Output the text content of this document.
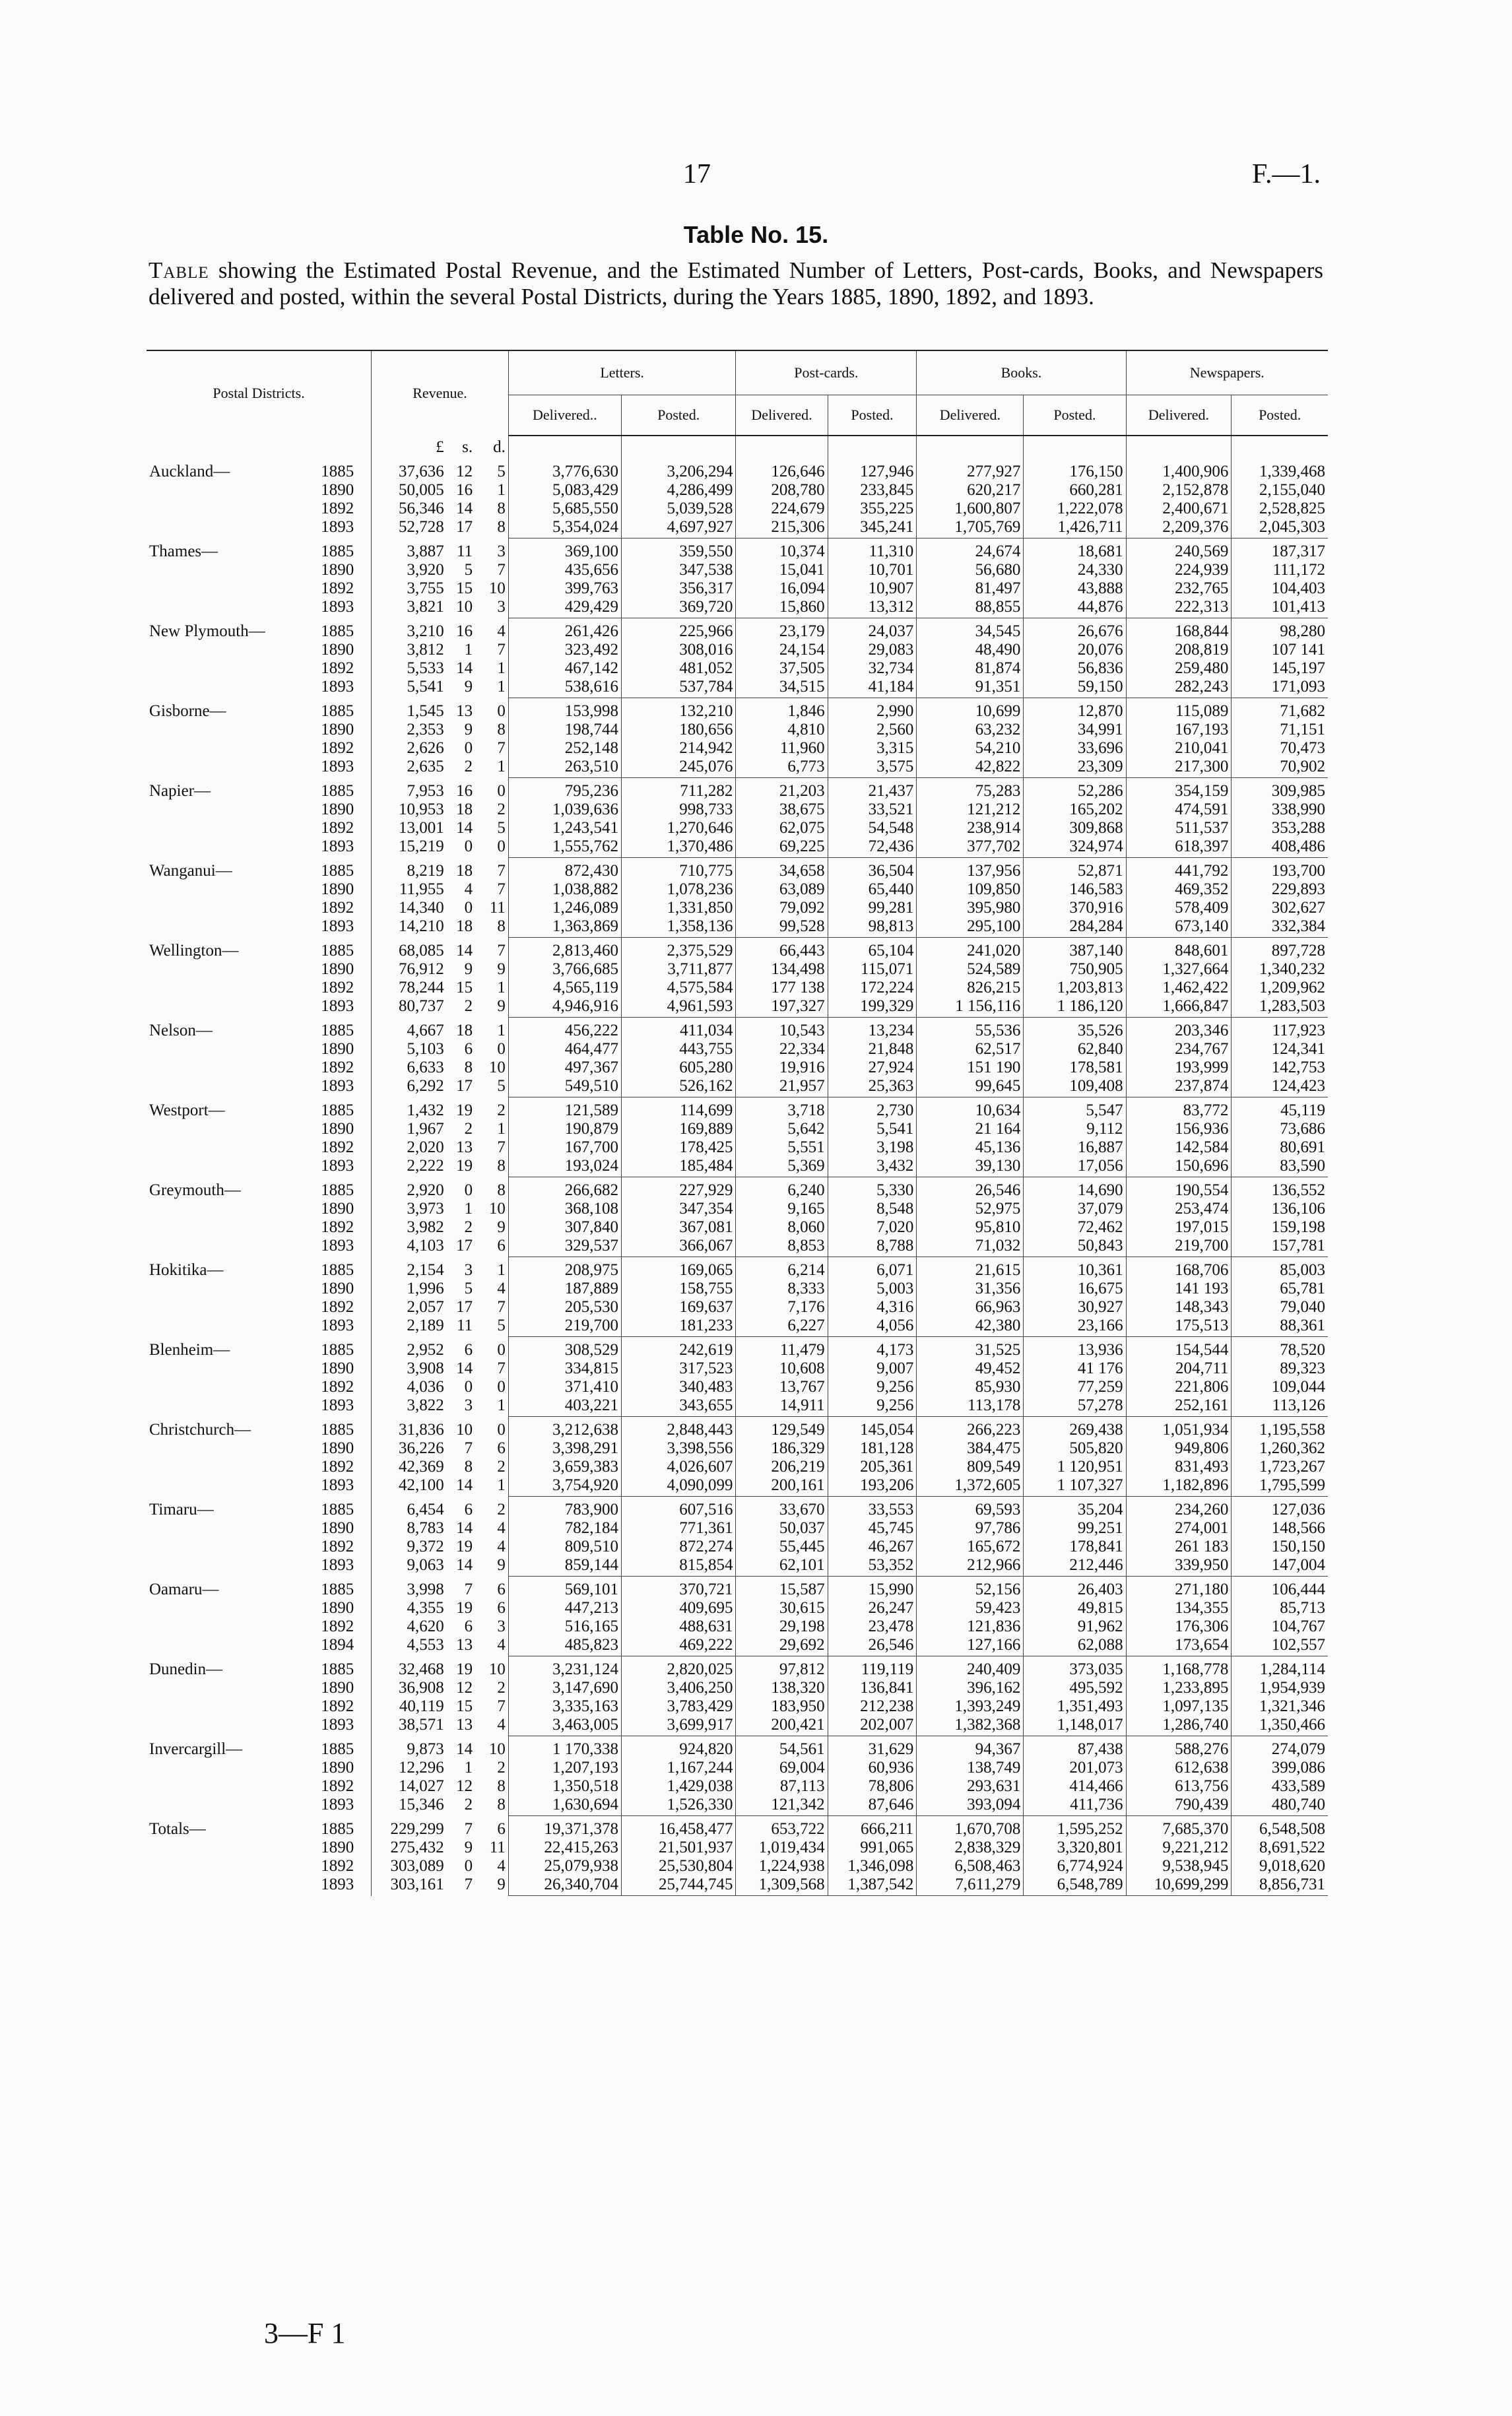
17	F.—1.
Table No. 15.
Table showing the Estimated Postal Revenue, and the Estimated Number of Letters, Post-cards, Books, and Newspapers delivered and posted, within the several Postal Districts, during the Years 1885, 1890, 1892, and 1893.
Postal Districts.		Revenue.			Letters.		Post-cards.		Books.		Newspapers.	
					Delivered..	Posted.	Delivered.	Posted.	Delivered.	Posted.	Delivered.	Posted.
		£	s.	d.								
Auckland—	1885	37,636	12	5	3,776,630	3,206,294	126,646	127,946	277,927	176,150	1,400,906	1,339,468
	1890	50,005	16	1	5,083,429	4,286,499	208,780	233,845	620,217	660,281	2,152,878	2,155,040
	1892	56,346	14	8	5,685,550	5,039,528	224,679	355,225	1,600,807	1,222,078	2,400,671	2,528,825
	1893	52,728	17	8	5,354,024	4,697,927	215,306	345,241	1,705,769	1,426,711	2,209,376	2,045,303
Thames—	1885	3,887	11	3	369,100	359,550	10,374	11,310	24,674	18,681	240,569	187,317
	1890	3,920	5	7	435,656	347,538	15,041	10,701	56,680	24,330	224,939	111,172
	1892	3,755	15	10	399,763	356,317	16,094	10,907	81,497	43,888	232,765	104,403
	1893	3,821	10	3	429,429	369,720	15,860	13,312	88,855	44,876	222,313	101,413
New Plymouth—	1885	3,210	16	4	261,426	225,966	23,179	24,037	34,545	26,676	168,844	98,280
	1890	3,812	1	7	323,492	308,016	24,154	29,083	48,490	20,076	208,819	107 141
	1892	5,533	14	1	467,142	481,052	37,505	32,734	81,874	56,836	259,480	145,197
	1893	5,541	9	1	538,616	537,784	34,515	41,184	91,351	59,150	282,243	171,093
Gisborne—	1885	1,545	13	0	153,998	132,210	1,846	2,990	10,699	12,870	115,089	71,682
	1890	2,353	9	8	198,744	180,656	4,810	2,560	63,232	34,991	167,193	71,151
	1892	2,626	0	7	252,148	214,942	11,960	3,315	54,210	33,696	210,041	70,473
	1893	2,635	2	1	263,510	245,076	6,773	3,575	42,822	23,309	217,300	70,902
Napier—	1885	7,953	16	0	795,236	711,282	21,203	21,437	75,283	52,286	354,159	309,985
	1890	10,953	18	2	1,039,636	998,733	38,675	33,521	121,212	165,202	474,591	338,990
	1892	13,001	14	5	1,243,541	1,270,646	62,075	54,548	238,914	309,868	511,537	353,288
	1893	15,219	0	0	1,555,762	1,370,486	69,225	72,436	377,702	324,974	618,397	408,486
Wanganui—	1885	8,219	18	7	872,430	710,775	34,658	36,504	137,956	52,871	441,792	193,700
	1890	11,955	4	7	1,038,882	1,078,236	63,089	65,440	109,850	146,583	469,352	229,893
	1892	14,340	0	11	1,246,089	1,331,850	79,092	99,281	395,980	370,916	578,409	302,627
	1893	14,210	18	8	1,363,869	1,358,136	99,528	98,813	295,100	284,284	673,140	332,384
Wellington—	1885	68,085	14	7	2,813,460	2,375,529	66,443	65,104	241,020	387,140	848,601	897,728
	1890	76,912	9	9	3,766,685	3,711,877	134,498	115,071	524,589	750,905	1,327,664	1,340,232
	1892	78,244	15	1	4,565,119	4,575,584	177 138	172,224	826,215	1,203,813	1,462,422	1,209,962
	1893	80,737	2	9	4,946,916	4,961,593	197,327	199,329	1 156,116	1 186,120	1,666,847	1,283,503
Nelson—	1885	4,667	18	1	456,222	411,034	10,543	13,234	55,536	35,526	203,346	117,923
	1890	5,103	6	0	464,477	443,755	22,334	21,848	62,517	62,840	234,767	124,341
	1892	6,633	8	10	497,367	605,280	19,916	27,924	151 190	178,581	193,999	142,753
	1893	6,292	17	5	549,510	526,162	21,957	25,363	99,645	109,408	237,874	124,423
Westport—	1885	1,432	19	2	121,589	114,699	3,718	2,730	10,634	5,547	83,772	45,119
	1890	1,967	2	1	190,879	169,889	5,642	5,541	21 164	9,112	156,936	73,686
	1892	2,020	13	7	167,700	178,425	5,551	3,198	45,136	16,887	142,584	80,691
	1893	2,222	19	8	193,024	185,484	5,369	3,432	39,130	17,056	150,696	83,590
Greymouth—	1885	2,920	0	8	266,682	227,929	6,240	5,330	26,546	14,690	190,554	136,552
	1890	3,973	1	10	368,108	347,354	9,165	8,548	52,975	37,079	253,474	136,106
	1892	3,982	2	9	307,840	367,081	8,060	7,020	95,810	72,462	197,015	159,198
	1893	4,103	17	6	329,537	366,067	8,853	8,788	71,032	50,843	219,700	157,781
Hokitika—	1885	2,154	3	1	208,975	169,065	6,214	6,071	21,615	10,361	168,706	85,003
	1890	1,996	5	4	187,889	158,755	8,333	5,003	31,356	16,675	141 193	65,781
	1892	2,057	17	7	205,530	169,637	7,176	4,316	66,963	30,927	148,343	79,040
	1893	2,189	11	5	219,700	181,233	6,227	4,056	42,380	23,166	175,513	88,361
Blenheim—	1885	2,952	6	0	308,529	242,619	11,479	4,173	31,525	13,936	154,544	78,520
	1890	3,908	14	7	334,815	317,523	10,608	9,007	49,452	41 176	204,711	89,323
	1892	4,036	0	0	371,410	340,483	13,767	9,256	85,930	77,259	221,806	109,044
	1893	3,822	3	1	403,221	343,655	14,911	9,256	113,178	57,278	252,161	113,126
Christchurch—	1885	31,836	10	0	3,212,638	2,848,443	129,549	145,054	266,223	269,438	1,051,934	1,195,558
	1890	36,226	7	6	3,398,291	3,398,556	186,329	181,128	384,475	505,820	949,806	1,260,362
	1892	42,369	8	2	3,659,383	4,026,607	206,219	205,361	809,549	1 120,951	831,493	1,723,267
	1893	42,100	14	1	3,754,920	4,090,099	200,161	193,206	1,372,605	1 107,327	1,182,896	1,795,599
Timaru—	1885	6,454	6	2	783,900	607,516	33,670	33,553	69,593	35,204	234,260	127,036
	1890	8,783	14	4	782,184	771,361	50,037	45,745	97,786	99,251	274,001	148,566
	1892	9,372	19	4	809,510	872,274	55,445	46,267	165,672	178,841	261 183	150,150
	1893	9,063	14	9	859,144	815,854	62,101	53,352	212,966	212,446	339,950	147,004
Oamaru—	1885	3,998	7	6	569,101	370,721	15,587	15,990	52,156	26,403	271,180	106,444
	1890	4,355	19	6	447,213	409,695	30,615	26,247	59,423	49,815	134,355	85,713
	1892	4,620	6	3	516,165	488,631	29,198	23,478	121,836	91,962	176,306	104,767
	1894	4,553	13	4	485,823	469,222	29,692	26,546	127,166	62,088	173,654	102,557
Dunedin—	1885	32,468	19	10	3,231,124	2,820,025	97,812	119,119	240,409	373,035	1,168,778	1,284,114
	1890	36,908	12	2	3,147,690	3,406,250	138,320	136,841	396,162	495,592	1,233,895	1,954,939
	1892	40,119	15	7	3,335,163	3,783,429	183,950	212,238	1,393,249	1,351,493	1,097,135	1,321,346
	1893	38,571	13	4	3,463,005	3,699,917	200,421	202,007	1,382,368	1,148,017	1,286,740	1,350,466
Invercargill—	1885	9,873	14	10	1 170,338	924,820	54,561	31,629	94,367	87,438	588,276	274,079
	1890	12,296	1	2	1,207,193	1,167,244	69,004	60,936	138,749	201,073	612,638	399,086
	1892	14,027	12	8	1,350,518	1,429,038	87,113	78,806	293,631	414,466	613,756	433,589
	1893	15,346	2	8	1,630,694	1,526,330	121,342	87,646	393,094	411,736	790,439	480,740
Totals—	1885	229,299	7	6	19,371,378	16,458,477	653,722	666,211	1,670,708	1,595,252	7,685,370	6,548,508
	1890	275,432	9	11	22,415,263	21,501,937	1,019,434	991,065	2,838,329	3,320,801	9,221,212	8,691,522
	1892	303,089	0	4	25,079,938	25,530,804	1,224,938	1,346,098	6,508,463	6,774,924	9,538,945	9,018,620
	1893	303,161	7	9	26,340,704	25,744,745	1,309,568	1,387,542	7,611,279	6,548,789	10,699,299	8,856,731
3—F 1
